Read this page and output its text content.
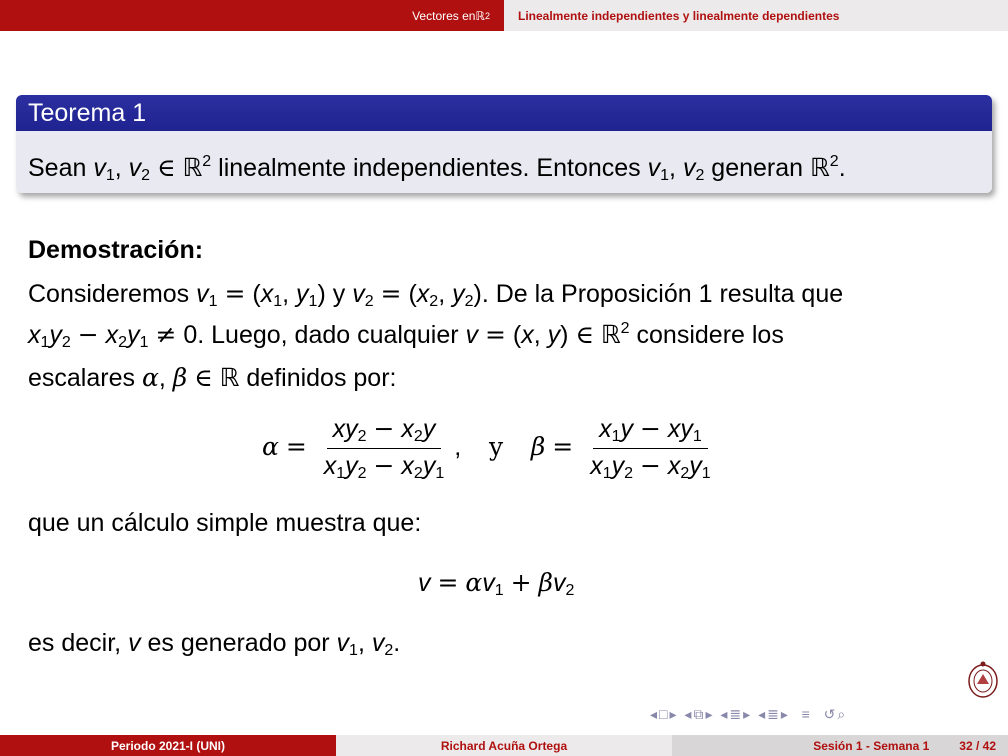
Vectores en ℝ 2	Linealmente independientes y linealmente dependientes
Teorema 1
Sean $v_1$, $v_2$ ∈ ℝ$^2$ linealmente independientes. Entonces $v_1$, $v_2$ generan ℝ$^2$.
Demostración:
Consideremos $v_1 = (x_1$, $y_1$) y $v_2 = (x_2$, $y_2$). De la Proposición 1 resulta que
$x_1y_2 - x_2y_1 \ne 0$. Luego, dado cualquier v = (x, y) ∈ ℝ$^2$ considere los
escalares α, β ∈ ℝ definidos por:
$\alpha = \frac{xy_2 - x_2y}{x_1y_2 - x_2y_1}$ ,    y $\beta = \frac{x_1y - xy_1}{x_1y_2 - x_2y_1}$
que un cálculo simple muestra que:
$v = \alpha v_1 + \beta v_2$
es decir, v es generado por $v_1$, $v_2$.
◂□▸ ◂⧉▸ ◂≣▸ ◂≣▸ ≡ ↺⌕
Periodo 2021-I (UNI)	Richard Acuña Ortega	Sesión 1 - Semana 1	32 / 42
